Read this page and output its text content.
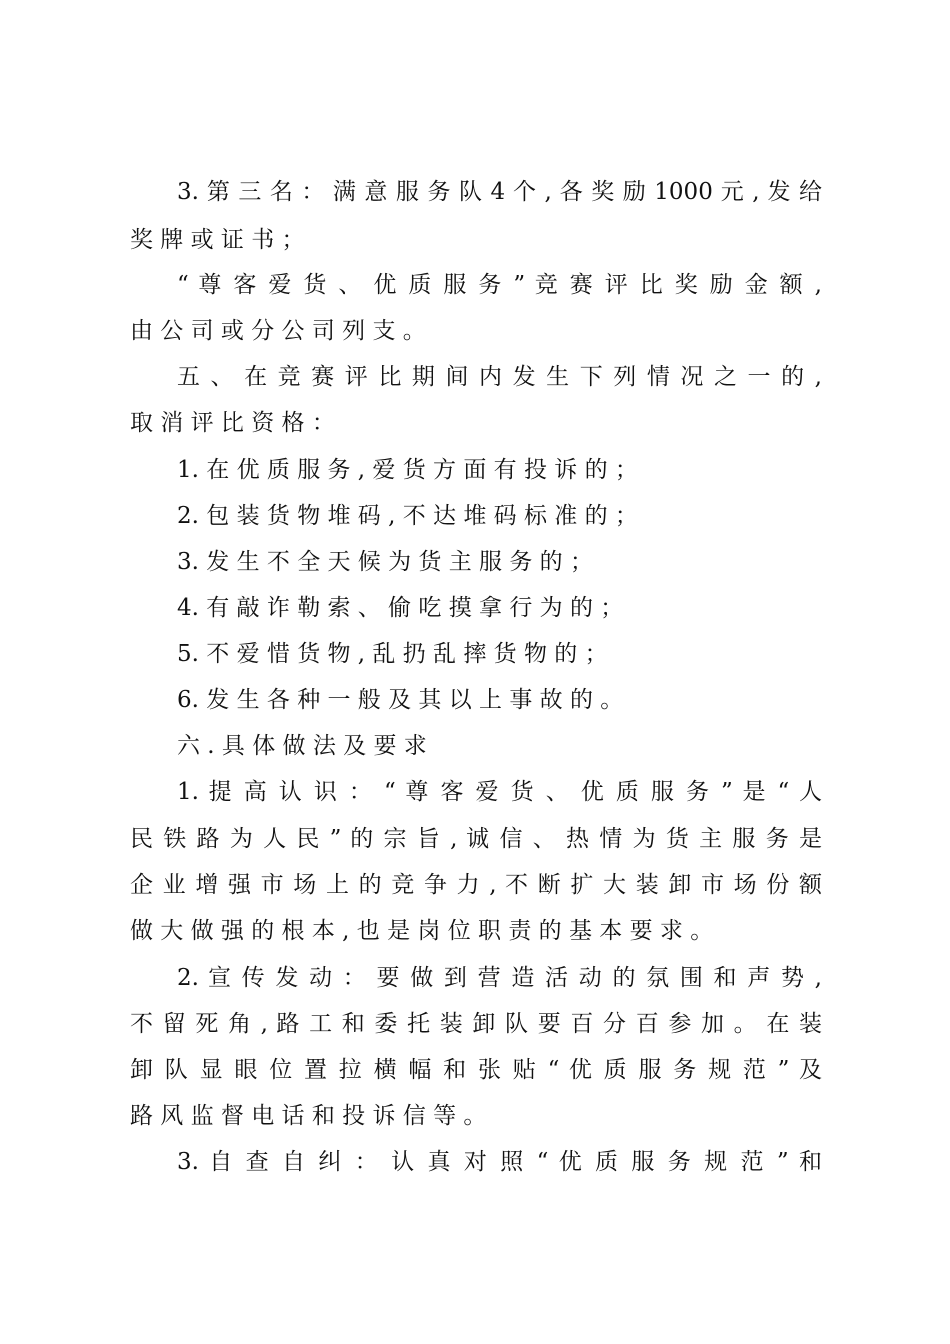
3. 第 三 名 ： 满 意 服 务 队 4 个 , 各 奖 励 1000 元 , 发 给
奖 牌 或 证 书 ；
“ 尊 客 爱 货 、 优 质 服 务 ” 竞 赛 评 比 奖 励 金 额 ,
由 公 司 或 分 公 司 列 支 。
五 、 在 竞 赛 评 比 期 间 内 发 生 下 列 情 况 之 一 的 ,
取 消 评 比 资 格 ：
1. 在 优 质 服 务 , 爱 货 方 面 有 投 诉 的 ；
2. 包 装 货 物 堆 码 , 不 达 堆 码 标 准 的 ；
3. 发 生 不 全 天 候 为 货 主 服 务 的 ；
4. 有 敲 诈 勒 索 、 偷 吃 摸 拿 行 为 的 ；
5. 不 爱 惜 货 物 , 乱 扔 乱 摔 货 物 的 ；
6. 发 生 各 种 一 般 及 其 以 上 事 故 的 。
六 . 具 体 做 法 及 要 求
1. 提 高 认 识 ： “ 尊 客 爱 货 、 优 质 服 务 ” 是 “ 人
民 铁 路 为 人 民 ” 的 宗 旨 , 诚 信 、 热 情 为 货 主 服 务 是
企 业 增 强 市 场 上 的 竞 争 力 , 不 断 扩 大 装 卸 市 场 份 额
做 大 做 强 的 根 本 , 也 是 岗 位 职 责 的 基 本 要 求 。
2. 宣 传 发 动 ： 要 做 到 营 造 活 动 的 氛 围 和 声 势 ,
不 留 死 角 , 路 工 和 委 托 装 卸 队 要 百 分 百 参 加 。 在 装
卸 队 显 眼 位 置 拉 横 幅 和 张 贴 “ 优 质 服 务 规 范 ” 及
路 风 监 督 电 话 和 投 诉 信 等 。
3. 自 查 自 纠 ： 认 真 对 照 “ 优 质 服 务 规 范 ” 和
